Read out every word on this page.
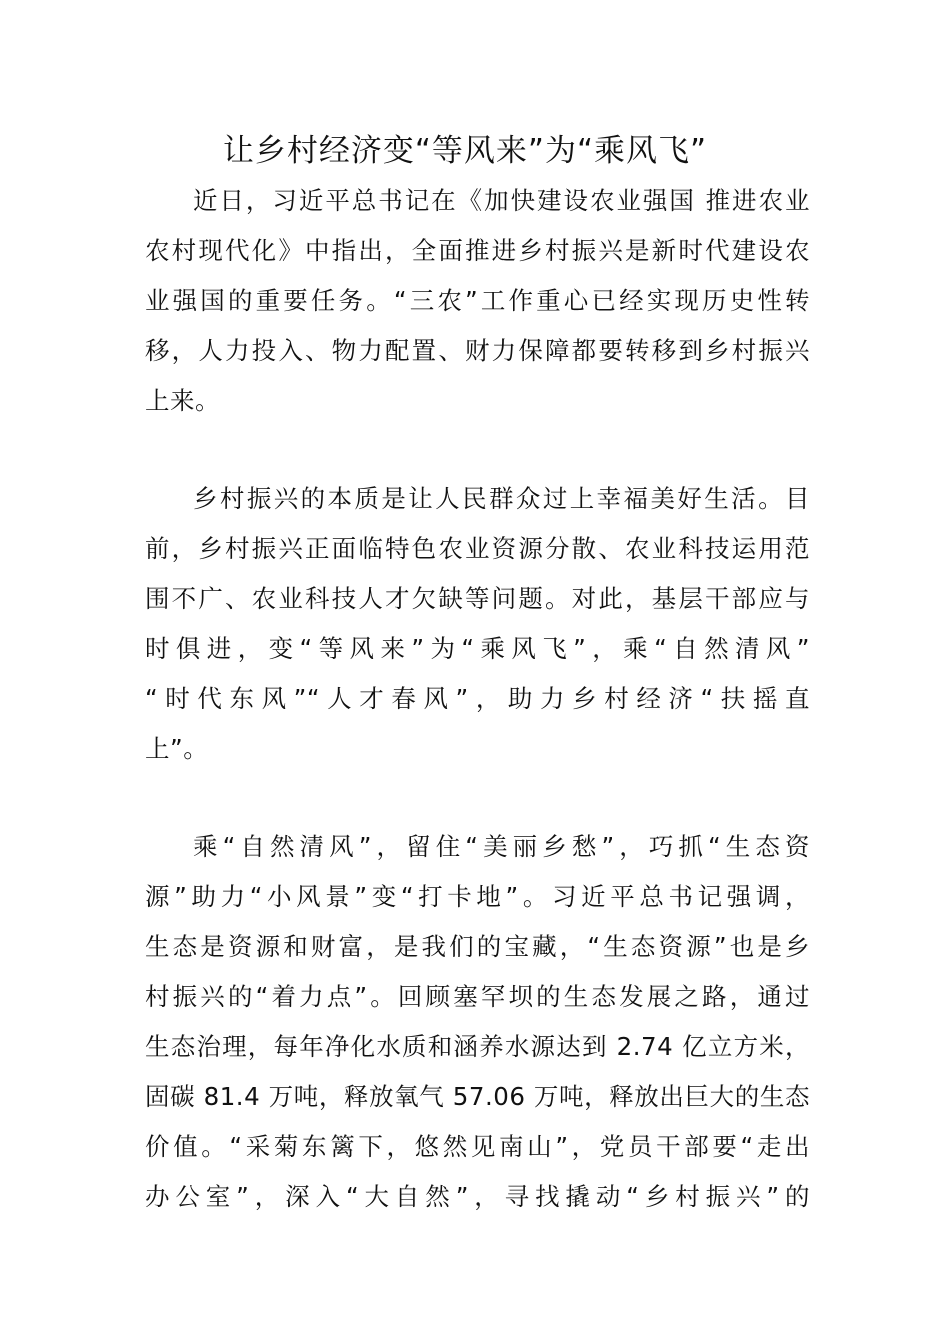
让乡村经济变“等风来”为“乘风飞”
近日，习近平总书记在《加快建设农业强国 推进农业
农村现代化》中指出，全面推进乡村振兴是新时代建设农
业强国的重要任务。“三农”工作重心已经实现历史性转
移，人力投入、物力配置、财力保障都要转移到乡村振兴
上来。
乡村振兴的本质是让人民群众过上幸福美好生活。目
前，乡村振兴正面临特色农业资源分散、农业科技运用范
围不广、农业科技人才欠缺等问题。对此，基层干部应与
时俱进，变“等风来”为“乘风飞”，乘“自然清风”
“时代东风”“人才春风”，助力乡村经济“扶摇直
上”。
乘“自然清风”，留住“美丽乡愁”，巧抓“生态资
源”助力“小风景”变“打卡地”。习近平总书记强调，
生态是资源和财富，是我们的宝藏，“生态资源”也是乡
村振兴的“着力点”。回顾塞罕坝的生态发展之路，通过
生态治理，每年净化水质和涵养水源达到 2.74 亿立方米，
固碳 81.4 万吨，释放氧气 57.06 万吨，释放出巨大的生态
价值。“采菊东篱下，悠然见南山”，党员干部要“走出
办公室”，深入“大自然”，寻找撬动“乡村振兴”的
